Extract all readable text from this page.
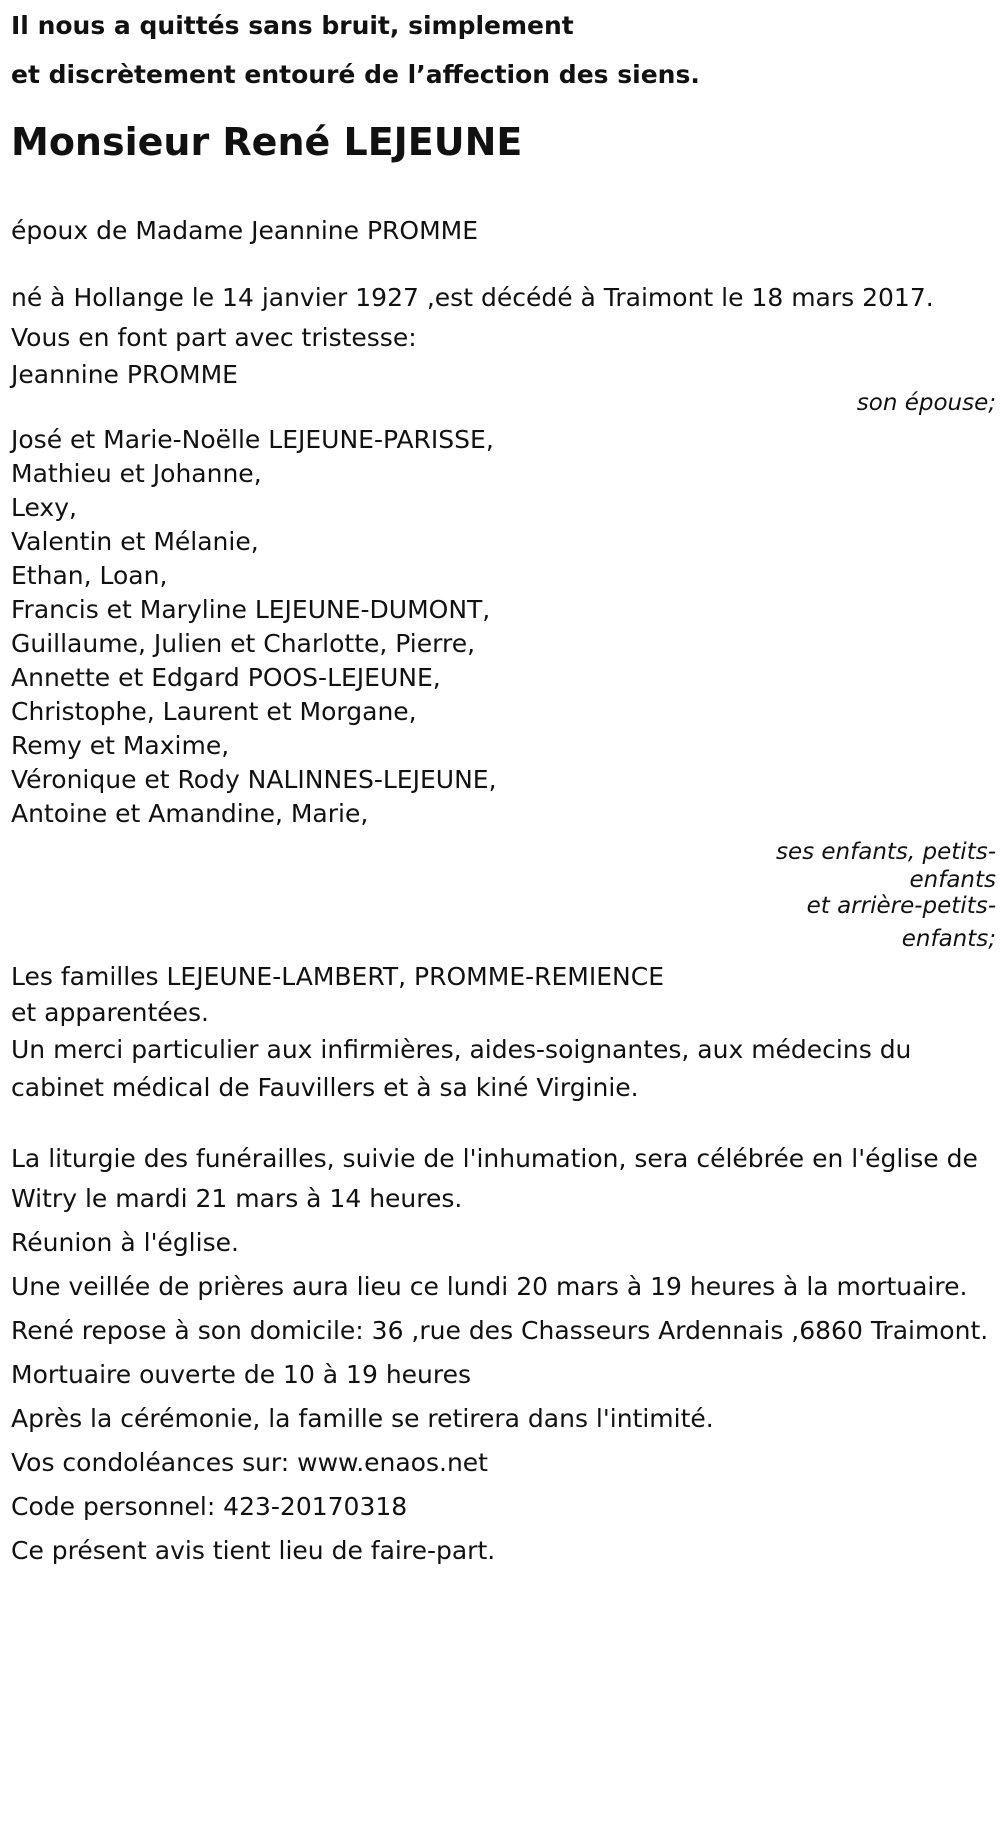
Il nous a quittés sans bruit, simplement
et discrètement entouré de l’affection des siens.
Monsieur René LEJEUNE
époux de Madame Jeannine PROMME
né à Hollange le 14 janvier 1927 ,est décédé à Traimont le 18 mars 2017.
Vous en font part avec tristesse:
Jeannine PROMME
son épouse;
José et Marie-Noëlle LEJEUNE-PARISSE,
Mathieu et Johanne,
Lexy,
Valentin et Mélanie,
Ethan, Loan,
Francis et Maryline LEJEUNE-DUMONT,
Guillaume, Julien et Charlotte, Pierre,
Annette et Edgard POOS-LEJEUNE,
Christophe, Laurent et Morgane,
Remy et Maxime,
Véronique et Rody NALINNES-LEJEUNE,
Antoine et Amandine, Marie,
ses enfants, petits-
enfants
et arrière-petits-
enfants;
Les familles LEJEUNE-LAMBERT, PROMME-REMIENCE
et apparentées.
Un merci particulier aux infirmières, aides-soignantes, aux médecins du cabinet médical de Fauvillers et à sa kiné Virginie.
La liturgie des funérailles, suivie de l'inhumation, sera célébrée en l'église de Witry le mardi 21 mars à 14 heures.
Réunion à l'église.
Une veillée de prières aura lieu ce lundi 20 mars à 19 heures à la mortuaire.
René repose à son domicile: 36 ,rue des Chasseurs Ardennais ,6860 Traimont.
Mortuaire ouverte de 10 à 19 heures
Après la cérémonie, la famille se retirera dans l'intimité.
Vos condoléances sur: www.enaos.net
Code personnel: 423-20170318
Ce présent avis tient lieu de faire-part.
